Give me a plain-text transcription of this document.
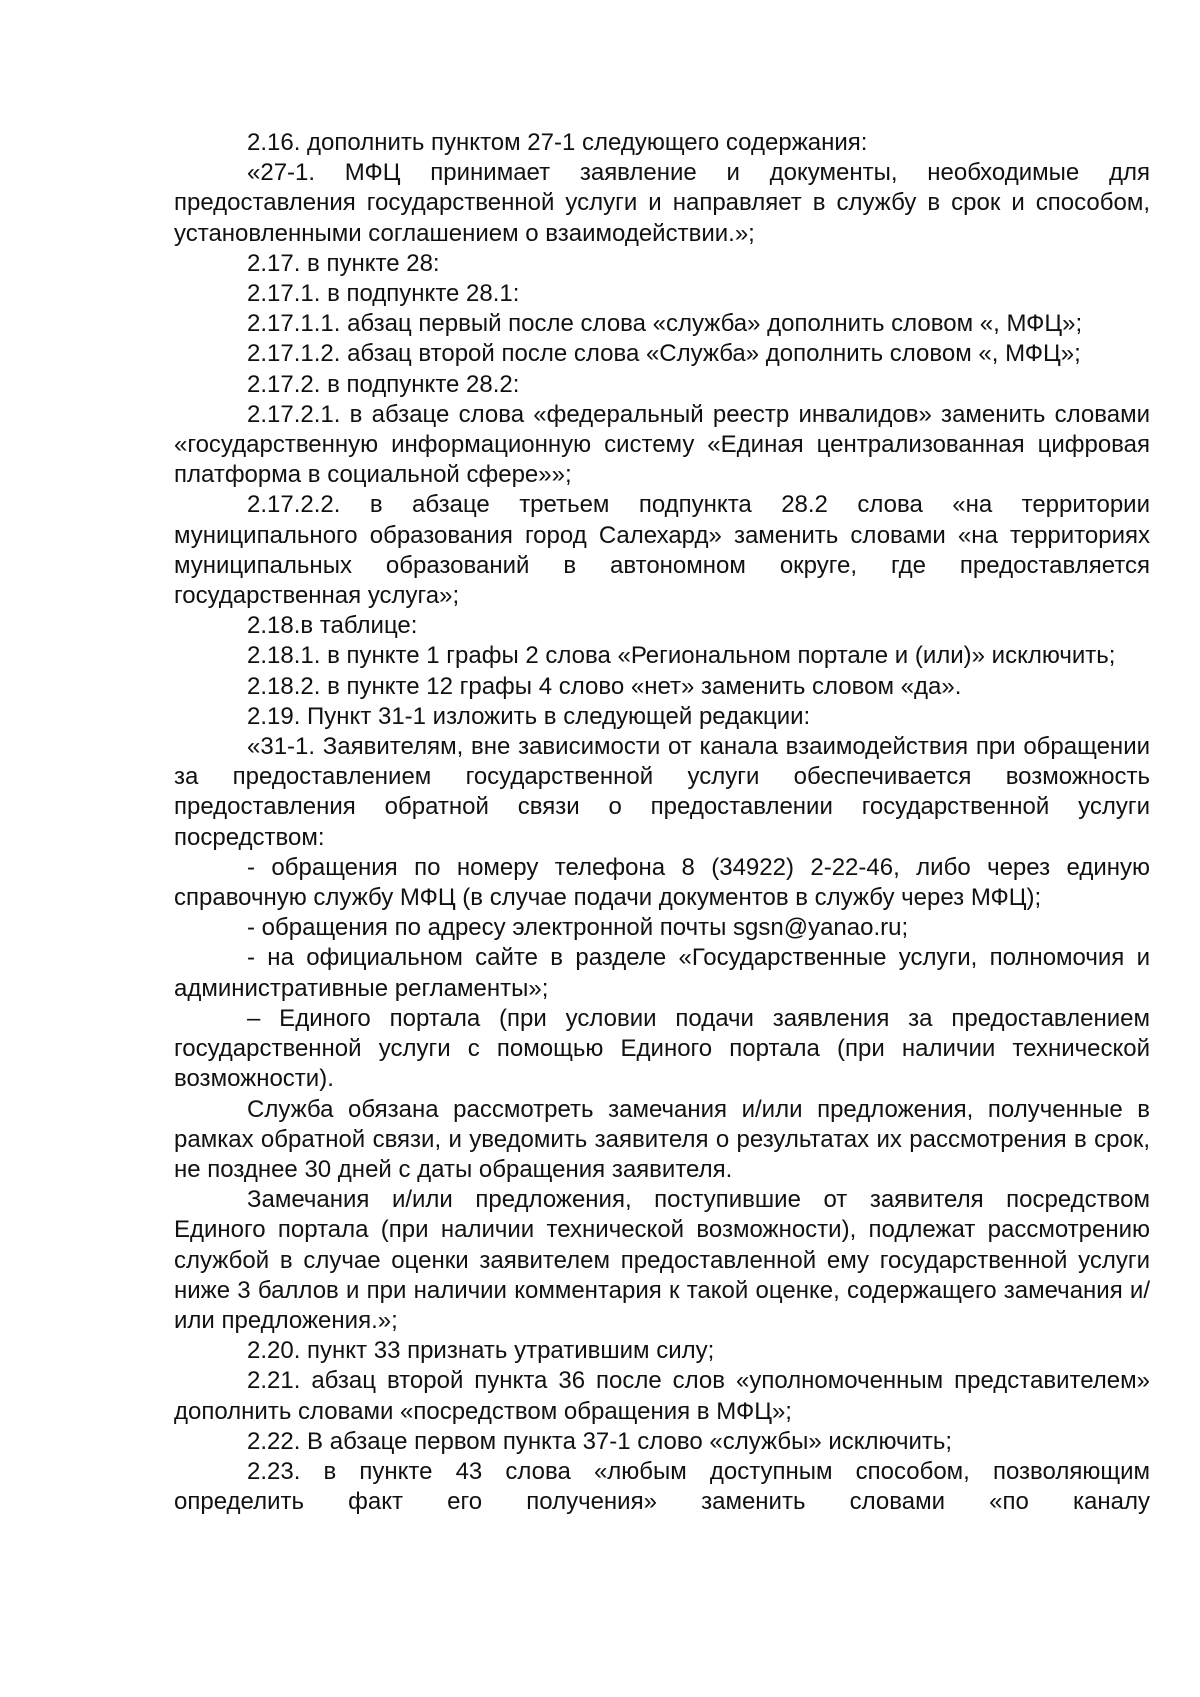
2.16. дополнить пунктом 27-1 следующего содержания:

«27-1. МФЦ принимает заявление и документы, необходимые для предоставления государственной услуги и направляет в службу в срок и способом, установленными соглашением о взаимодействии.»;

2.17. в пункте 28:

2.17.1. в подпункте 28.1:

2.17.1.1. абзац первый после слова «служба» дополнить словом «, МФЦ»;

2.17.1.2. абзац второй после слова «Служба» дополнить словом «, МФЦ»;

2.17.2. в подпункте 28.2:

2.17.2.1. в абзаце слова «федеральный реестр инвалидов» заменить словами «государственную информационную систему «Единая централизованная цифровая платформа в социальной сфере»»;

2.17.2.2. в абзаце третьем подпункта 28.2 слова «на территории муниципального образования город Салехард» заменить словами «на территориях муниципальных образований в автономном округе, где предоставляется государственная услуга»;

2.18.в таблице:

2.18.1. в пункте 1 графы 2 слова «Региональном портале и (или)» исключить;

2.18.2. в пункте 12 графы 4 слово «нет» заменить словом «да».

2.19. Пункт 31-1 изложить в следующей редакции:

«31-1. Заявителям, вне зависимости от канала взаимодействия при обращении за предоставлением государственной услуги обеспечивается возможность предоставления обратной связи о предоставлении государственной услуги посредством:

- обращения по номеру телефона 8 (34922) 2-22-46, либо через единую справочную службу МФЦ (в случае подачи документов в службу через МФЦ);

- обращения по адресу электронной почты sgsn@yanao.ru;

- на официальном сайте в разделе «Государственные услуги, полномочия и административные регламенты»;

– Единого портала (при условии подачи заявления за предоставлением государственной услуги с помощью Единого портала (при наличии технической возможности).

Служба обязана рассмотреть замечания и/или предложения, полученные в рамках обратной связи, и уведомить заявителя о результатах их рассмотрения в срок, не позднее 30 дней с даты обращения заявителя.

Замечания и/или предложения, поступившие от заявителя посредством Единого портала (при наличии технической возможности), подлежат рассмотрению службой в случае оценки заявителем предоставленной ему государственной услуги ниже 3 баллов и при наличии комментария к такой оценке, содержащего замечания и/или предложения.»;

2.20. пункт 33 признать утратившим силу;

2.21. абзац второй пункта 36 после слов «уполномоченным представителем» дополнить словами «посредством обращения в МФЦ»;

2.22. В абзаце первом пункта 37-1 слово «службы» исключить;

2.23. в пункте 43 слова «любым доступным способом, позволяющим определить факт его получения» заменить словами «по каналу
